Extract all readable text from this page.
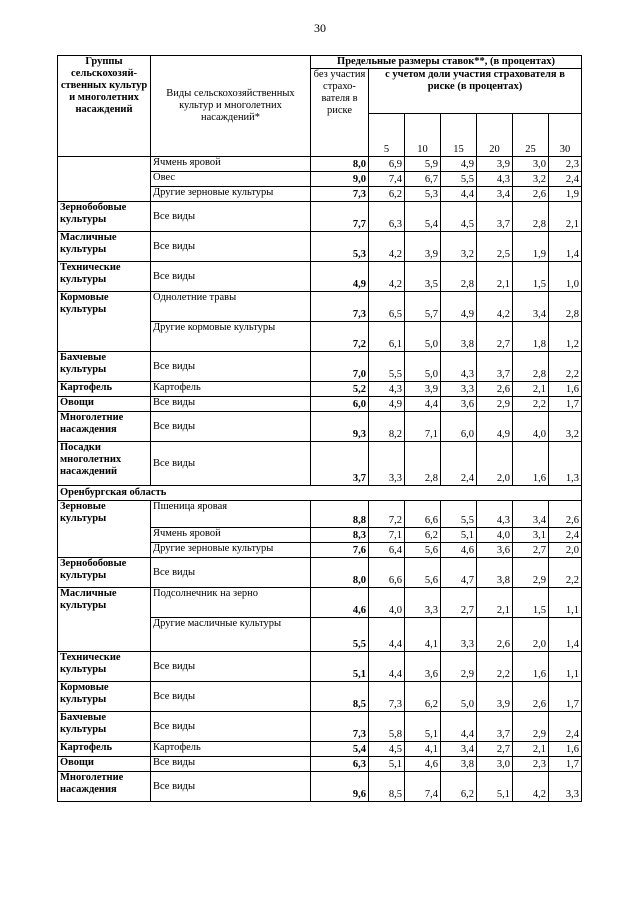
30
Группы сельскохозяй-ственных культур и многолетних насаждений	Виды сельскохозяйственных культур и многолетних насаждений*	Предельные размеры ставок**, (в процентах)						
		без участия страхо-вателя в риске	с учетом доли участия страхователя в риске (в процентах)					
			5	10	15	20	25	30
	Ячмень яровой	8,0	6,9	5,9	4,9	3,9	3,0	2,3
	Овес	9,0	7,4	6,7	5,5	4,3	3,2	2,4
	Другие зерновые культуры	7,3	6,2	5,3	4,4	3,4	2,6	1,9
Зернобобовые культуры	Все виды	7,7	6,3	5,4	4,5	3,7	2,8	2,1
Масличные культуры	Все виды	5,3	4,2	3,9	3,2	2,5	1,9	1,4
Технические культуры	Все виды	4,9	4,2	3,5	2,8	2,1	1,5	1,0
Кормовые культуры	Однолетние травы	7,3	6,5	5,7	4,9	4,2	3,4	2,8
	Другие кормовые культуры	7,2	6,1	5,0	3,8	2,7	1,8	1,2
Бахчевые культуры	Все виды	7,0	5,5	5,0	4,3	3,7	2,8	2,2
Картофель	Картофель	5,2	4,3	3,9	3,3	2,6	2,1	1,6
Овощи	Все виды	6,0	4,9	4,4	3,6	2,9	2,2	1,7
Многолетние насаждения	Все виды	9,3	8,2	7,1	6,0	4,9	4,0	3,2
Посадки многолетних насаждений	Все виды	3,7	3,3	2,8	2,4	2,0	1,6	1,3
Оренбургская область								
Зерновые культуры	Пшеница яровая	8,8	7,2	6,6	5,5	4,3	3,4	2,6
	Ячмень яровой	8,3	7,1	6,2	5,1	4,0	3,1	2,4
	Другие зерновые культуры	7,6	6,4	5,6	4,6	3,6	2,7	2,0
Зернобобовые культуры	Все виды	8,0	6,6	5,6	4,7	3,8	2,9	2,2
Масличные культуры	Подсолнечник на зерно	4,6	4,0	3,3	2,7	2,1	1,5	1,1
	Другие масличные культуры	5,5	4,4	4,1	3,3	2,6	2,0	1,4
Технические культуры	Все виды	5,1	4,4	3,6	2,9	2,2	1,6	1,1
Кормовые культуры	Все виды	8,5	7,3	6,2	5,0	3,9	2,6	1,7
Бахчевые культуры	Все виды	7,3	5,8	5,1	4,4	3,7	2,9	2,4
Картофель	Картофель	5,4	4,5	4,1	3,4	2,7	2,1	1,6
Овощи	Все виды	6,3	5,1	4,6	3,8	3,0	2,3	1,7
Многолетние насаждения	Все виды	9,6	8,5	7,4	6,2	5,1	4,2	3,3
